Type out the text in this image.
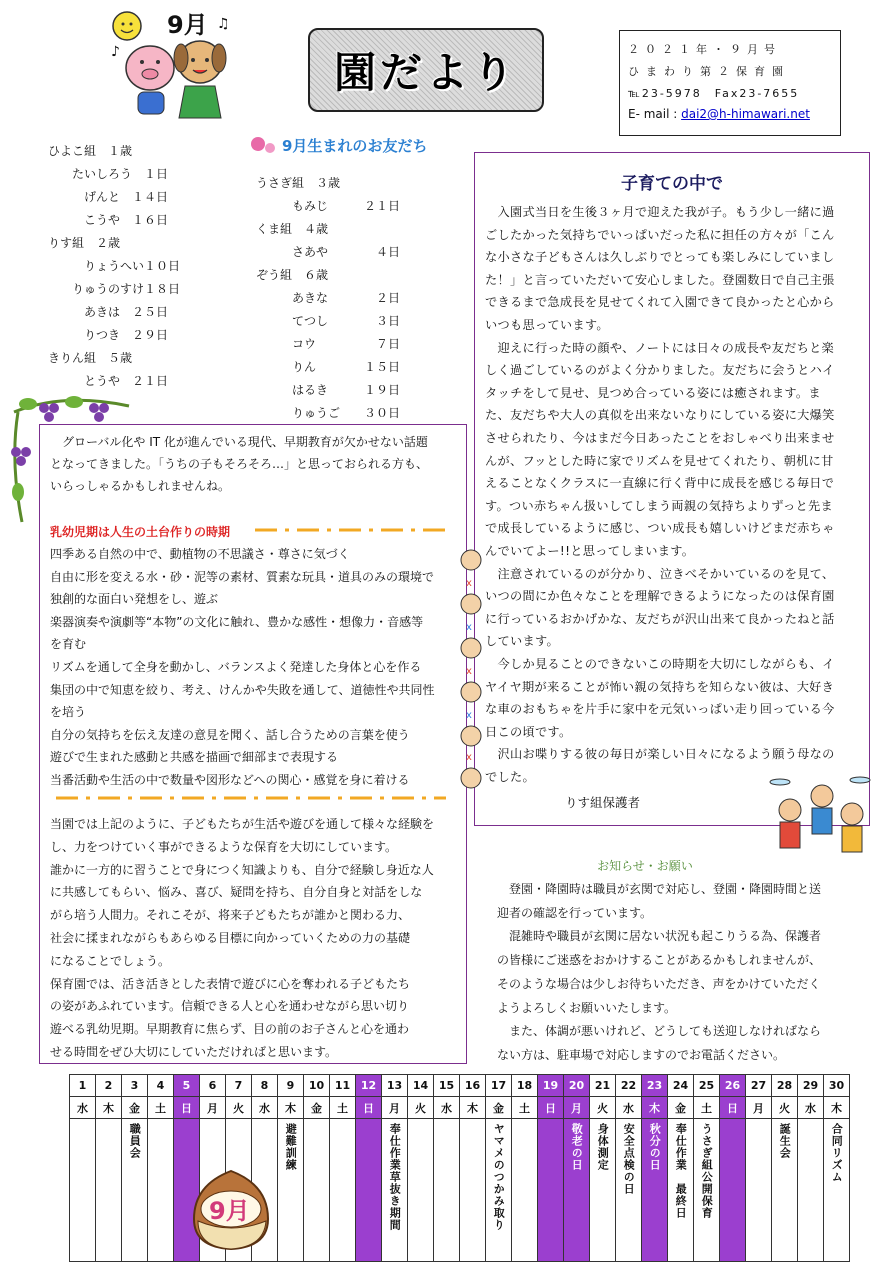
9月
♪
♫
園だより	２０２１年・９月号
ひまわり第２保育園
℡23-5978　Fax23-7655
E- mail : dai2@h-himawari.net
9月生まれのお友だち
ひよこ組　１歳
　　たいしろう　１日
　　　げんと　１４日
　　　こうや　１６日
りす組　２歳
　　　りょうへい１０日
　　りゅうのすけ１８日
　　　あきは　２５日
　　　りつき　２９日
きりん組　５歳
　　　とうや　２１日
うさぎ組　３歳
　　　もみじ　　　２１日
くま組　４歳
　　　さあや　　　　４日
ぞう組　６歳
　　　あきな　　　　２日
　　　てつし　　　　３日
　　　コウ　　　　　７日
　　　りん　　　　１５日
　　　はるき　　　１９日
　　　りゅうご　　３０日
子育ての中で
　入園式当日を生後３ヶ月で迎えた我が子。もう少し一緒に過
ごしたかった気持ちでいっぱいだった私に担任の方々が「こん
な小さな子どもさんは久しぶりでとっても楽しみにしていまし
た！」と言っていただいて安心しました。登園数日で自己主張
できるまで急成長を見せてくれて入園できて良かったと心から
いつも思っています。
　迎えに行った時の顔や、ノートには日々の成長や友だちと楽
しく過ごしているのがよく分かりました。友だちに会うとハイ
タッチをして見せ、見つめ合っている姿には癒されます。ま
た、友だちや大人の真似を出来ないなりにしている姿に大爆笑
させられたり、今はまだ今日あったことをおしゃべり出来ませ
んが、フッとした時に家でリズムを見せてくれたり、朝机に甘
えることなくクラスに一直線に行く背中に成長を感じる毎日で
す。つい赤ちゃん扱いしてしまう両親の気持ちよりずっと先ま
で成長しているように感じ、つい成長も嬉しいけどまだ赤ちゃ
んでいてよー!!と思ってしまいます。
　注意されているのが分かり、泣きべそかいているのを見て、
いつの間にか色々なことを理解できるようになったのは保育園
に行っているおかげかな、友だちが沢山出来て良かったねと話
しています。
　今しか見ることのできないこの時期を大切にしながらも、イ
ヤイヤ期が来ることが怖い親の気持ちを知らない彼は、大好き
な車のおもちゃを片手に家中を元気いっぱい走り回っている今
日この頃です。
　沢山お喋りする彼の毎日が楽しい日々になるよう願う母なの
でした。
りす組保護者
　グローバル化や IT 化が進んでいる現代、早期教育が欠かせない話題
となってきました。「うちの子もそろそろ…」と思っておられる方も、
いらっしゃるかもしれませんね。
乳幼児期は人生の土台作りの時期
四季ある自然の中で、動植物の不思議さ・尊さに気づく
自由に形を変える水・砂・泥等の素材、質素な玩具・道具のみの環境で
独創的な面白い発想をし、遊ぶ
楽器演奏や演劇等“本物”の文化に触れ、豊かな感性・想像力・音感等
を育む
リズムを通して全身を動かし、バランスよく発達した身体と心を作る
集団の中で知恵を絞り、考え、けんかや失敗を通して、道徳性や共同性
を培う
自分の気持ちを伝え友達の意見を聞く、話し合うための言葉を使う
遊びで生まれた感動と共感を描画で細部まで表現する
当番活動や生活の中で数量や図形などへの関心・感覚を身に着ける
当園では上記のように、子どもたちが生活や遊びを通して様々な経験を
し、力をつけていく事ができるような保育を大切にしています。
誰かに一方的に習うことで身につく知識よりも、自分で経験し身近な人
に共感してもらい、悩み、喜び、疑問を持ち、自分自身と対話をしな
がら培う人間力。それこそが、将来子どもたちが誰かと関わる力、
社会に揉まれながらもあらゆる目標に向かっていくための力の基礎
になることでしょう。
保育園では、活き活きとした表情で遊びに心を奪われる子どもたち
の姿があふれています。信頼できる人と心を通わせながら思い切り
遊べる乳幼児期。早期教育に焦らず、目の前のお子さんと心を通わ
せる時間をぜひ大切にしていただければと思います。
x
x
x
x
x
お知らせ・お願い
　登園・降園時は職員が玄関で対応し、登園・降園時間と送
迎者の確認を行っています。
　混雑時や職員が玄関に居ない状況も起こりうる為、保護者
の皆様にご迷惑をおかけすることがあるかもしれませんが、
そのような場合は少しお待ちいただき、声をかけていただく
ようよろしくお願いいたします。
　また、体調が悪いけれど、どうしても送迎しなければなら
ない方は、駐車場で対応しますのでお電話ください。
1	2	3	4	5	6	7	8	9	10	11	12	13	14	15	16	17	18	19	20	21	22	23	24	25	26	27	28	29	30
水	木	金	土	日	月	火	水	木	金	土	日	月	火	水	木	金	土	日	月	火	水	木	金	土	日	月	火	水	木

		職員会						避難訓練				奉仕作業草抜き期間				ヤマメのつかみ取り			敬老の日	身体測定	安全点検の日	秋分の日	奉仕作業　最終日	うさぎ組公開保育			誕生会		合同リズム
9月
